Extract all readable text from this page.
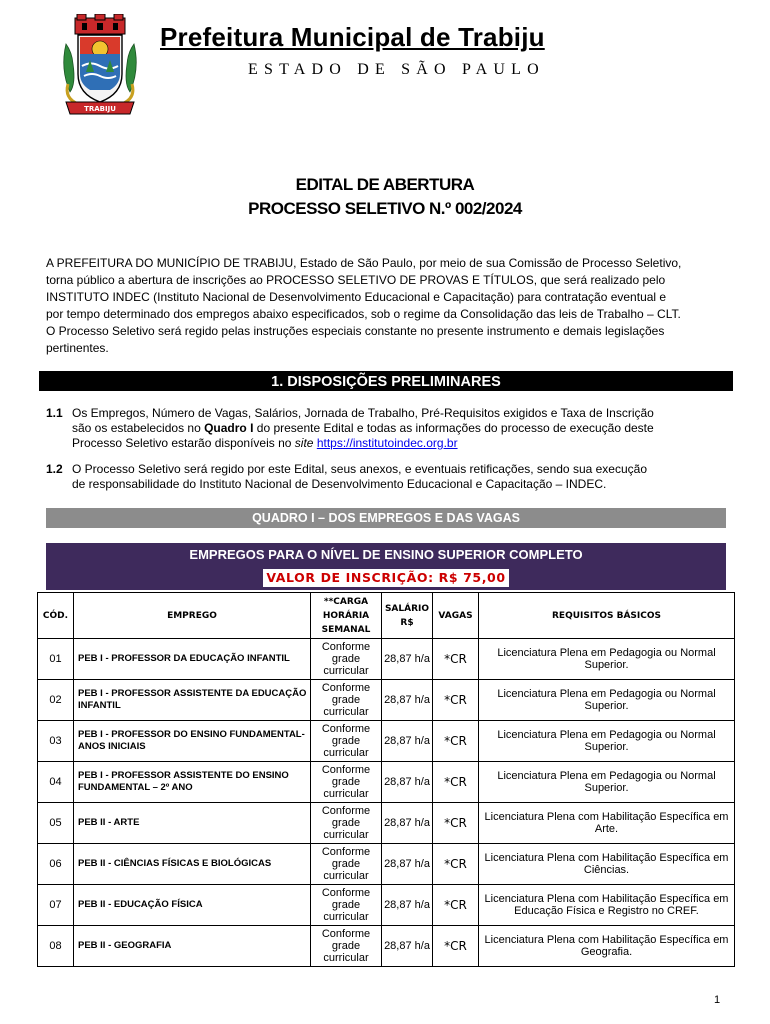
TRABIJU
Prefeitura Municipal de Trabiju
ESTADO DE SÃO PAULO
EDITAL DE ABERTURA
PROCESSO SELETIVO N.º 002/2024
A PREFEITURA DO MUNICÍPIO DE TRABIJU, Estado de São Paulo, por meio de sua Comissão de Processo Seletivo,
torna público a abertura de inscrições ao PROCESSO SELETIVO DE PROVAS E TÍTULOS, que será realizado pelo
INSTITUTO INDEC (Instituto Nacional de Desenvolvimento Educacional e Capacitação) para contratação eventual e
por tempo determinado dos empregos abaixo especificados, sob o regime da Consolidação das leis de Trabalho – CLT.
O Processo Seletivo será regido pelas instruções especiais constante no presente instrumento e demais legislações
pertinentes.
1. DISPOSIÇÕES PRELIMINARES
1.1 Os Empregos, Número de Vagas, Salários, Jornada de Trabalho, Pré-Requisitos exigidos e Taxa de Inscrição
são os estabelecidos no Quadro I do presente Edital e todas as informações do processo de execução deste
Processo Seletivo estarão disponíveis no site https://institutoindec.org.br
1.2 O Processo Seletivo será regido por este Edital, seus anexos, e eventuais retificações, sendo sua execução
de responsabilidade do Instituto Nacional de Desenvolvimento Educacional e Capacitação – INDEC.
QUADRO I – DOS EMPREGOS E DAS VAGAS
EMPREGOS PARA O NÍVEL DE ENSINO SUPERIOR COMPLETO
VALOR DE INSCRIÇÃO: R$ 75,00
CÓD.	EMPREGO	**CARGA HORÁRIA SEMANAL	SALÁRIO R$	VAGAS	REQUISITOS BÁSICOS
01	PEB I - PROFESSOR DA EDUCAÇÃO INFANTIL	Conforme grade curricular	28,87 h/a	*CR	Licenciatura Plena em Pedagogia ou Normal Superior.
02	PEB I - PROFESSOR ASSISTENTE DA EDUCAÇÃO INFANTIL	Conforme grade curricular	28,87 h/a	*CR	Licenciatura Plena em Pedagogia ou Normal Superior.
03	PEB I - PROFESSOR DO ENSINO FUNDAMENTAL- ANOS INICIAIS	Conforme grade curricular	28,87 h/a	*CR	Licenciatura Plena em Pedagogia ou Normal Superior.
04	PEB I - PROFESSOR ASSISTENTE DO ENSINO FUNDAMENTAL – 2º ANO	Conforme grade curricular	28,87 h/a	*CR	Licenciatura Plena em Pedagogia ou Normal Superior.
05	PEB II - ARTE	Conforme grade curricular	28,87 h/a	*CR	Licenciatura Plena com Habilitação Específica em Arte.
06	PEB II - CIÊNCIAS FÍSICAS E BIOLÓGICAS	Conforme grade curricular	28,87 h/a	*CR	Licenciatura Plena com Habilitação Específica em Ciências.
07	PEB II - EDUCAÇÃO FÍSICA	Conforme grade curricular	28,87 h/a	*CR	Licenciatura Plena com Habilitação Específica em Educação Física e Registro no CREF.
08	PEB II - GEOGRAFIA	Conforme grade curricular	28,87 h/a	*CR	Licenciatura Plena com Habilitação Específica em Geografia.
1
